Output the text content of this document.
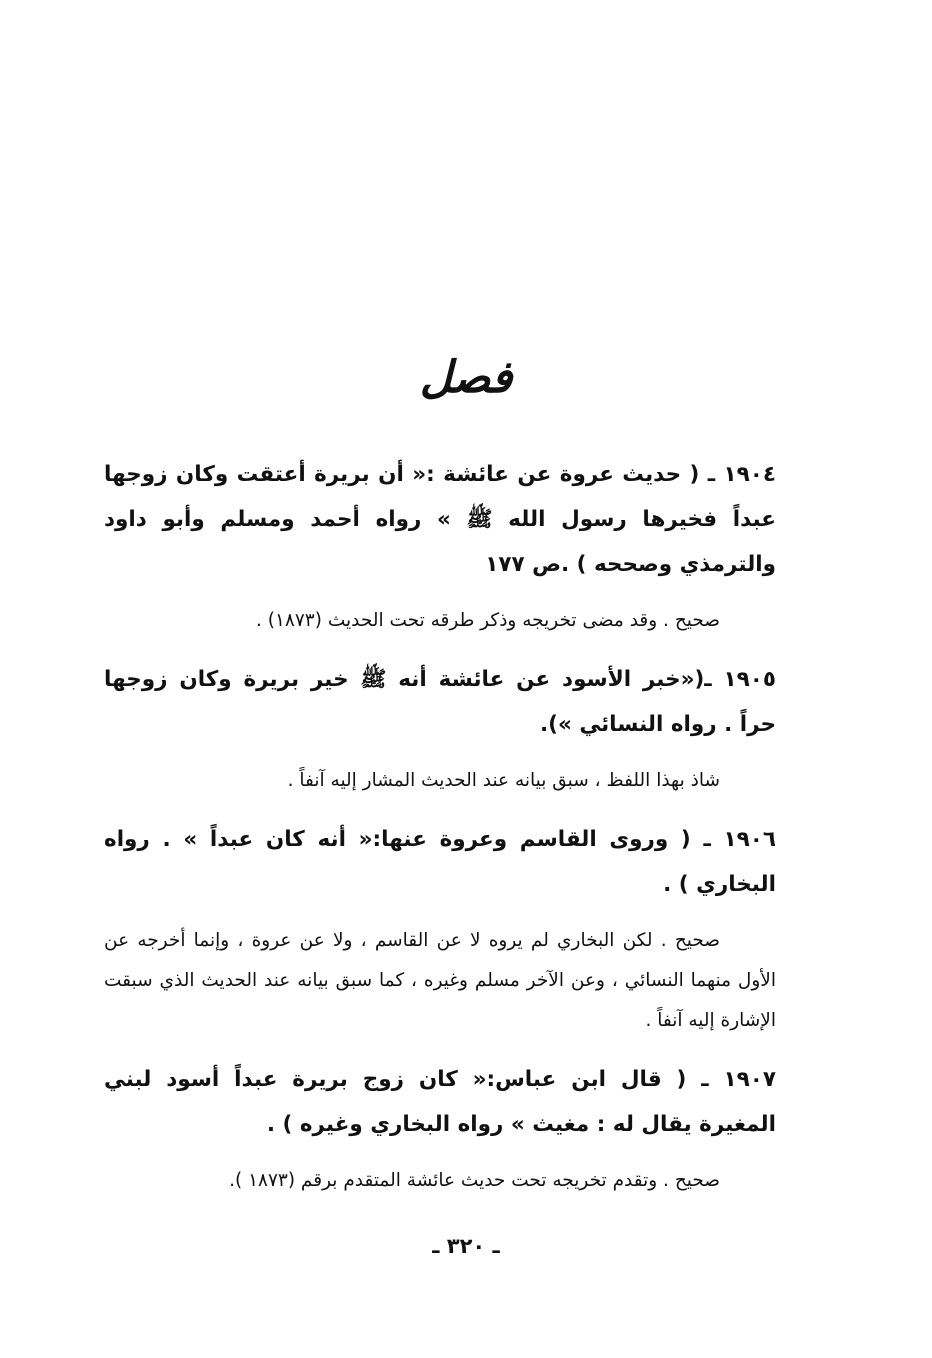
فصل

١٩٠٤ ـ ( حديث عروة عن عائشة :« أن بريرة أعتقت وكان زوجها عبداً فخيرها رسول الله ﷺ » رواه أحمد ومسلم وأبو داود والترمذي وصححه ) .ص ١٧٧

صحيح . وقد مضى تخريجه وذكر طرقه تحت الحديث (١٨٧٣) .

١٩٠٥ ـ(«خبر الأسود عن عائشة أنه ﷺ خير بريرة وكان زوجها حراً . رواه النسائي »).

شاذ بهذا اللفظ ، سبق بيانه عند الحديث المشار إليه آنفاً .

١٩٠٦ ـ ( وروى القاسم وعروة عنها:« أنه كان عبداً » . رواه البخاري ) .

صحيح . لكن البخاري لم يروه لا عن القاسم ، ولا عن عروة ، وإنما أخرجه عن الأول منهما النسائي ، وعن الآخر مسلم وغيره ، كما سبق بيانه عند الحديث الذي سبقت الإشارة إليه آنفاً .

١٩٠٧ ـ ( قال ابن عباس:« كان زوج بريرة عبداً أسود لبني المغيرة يقال له : مغيث » رواه البخاري وغيره ) .

صحيح . وتقدم تخريجه تحت حديث عائشة المتقدم برقم (١٨٧٣ ).

ـ ٣٢٠ ـ
